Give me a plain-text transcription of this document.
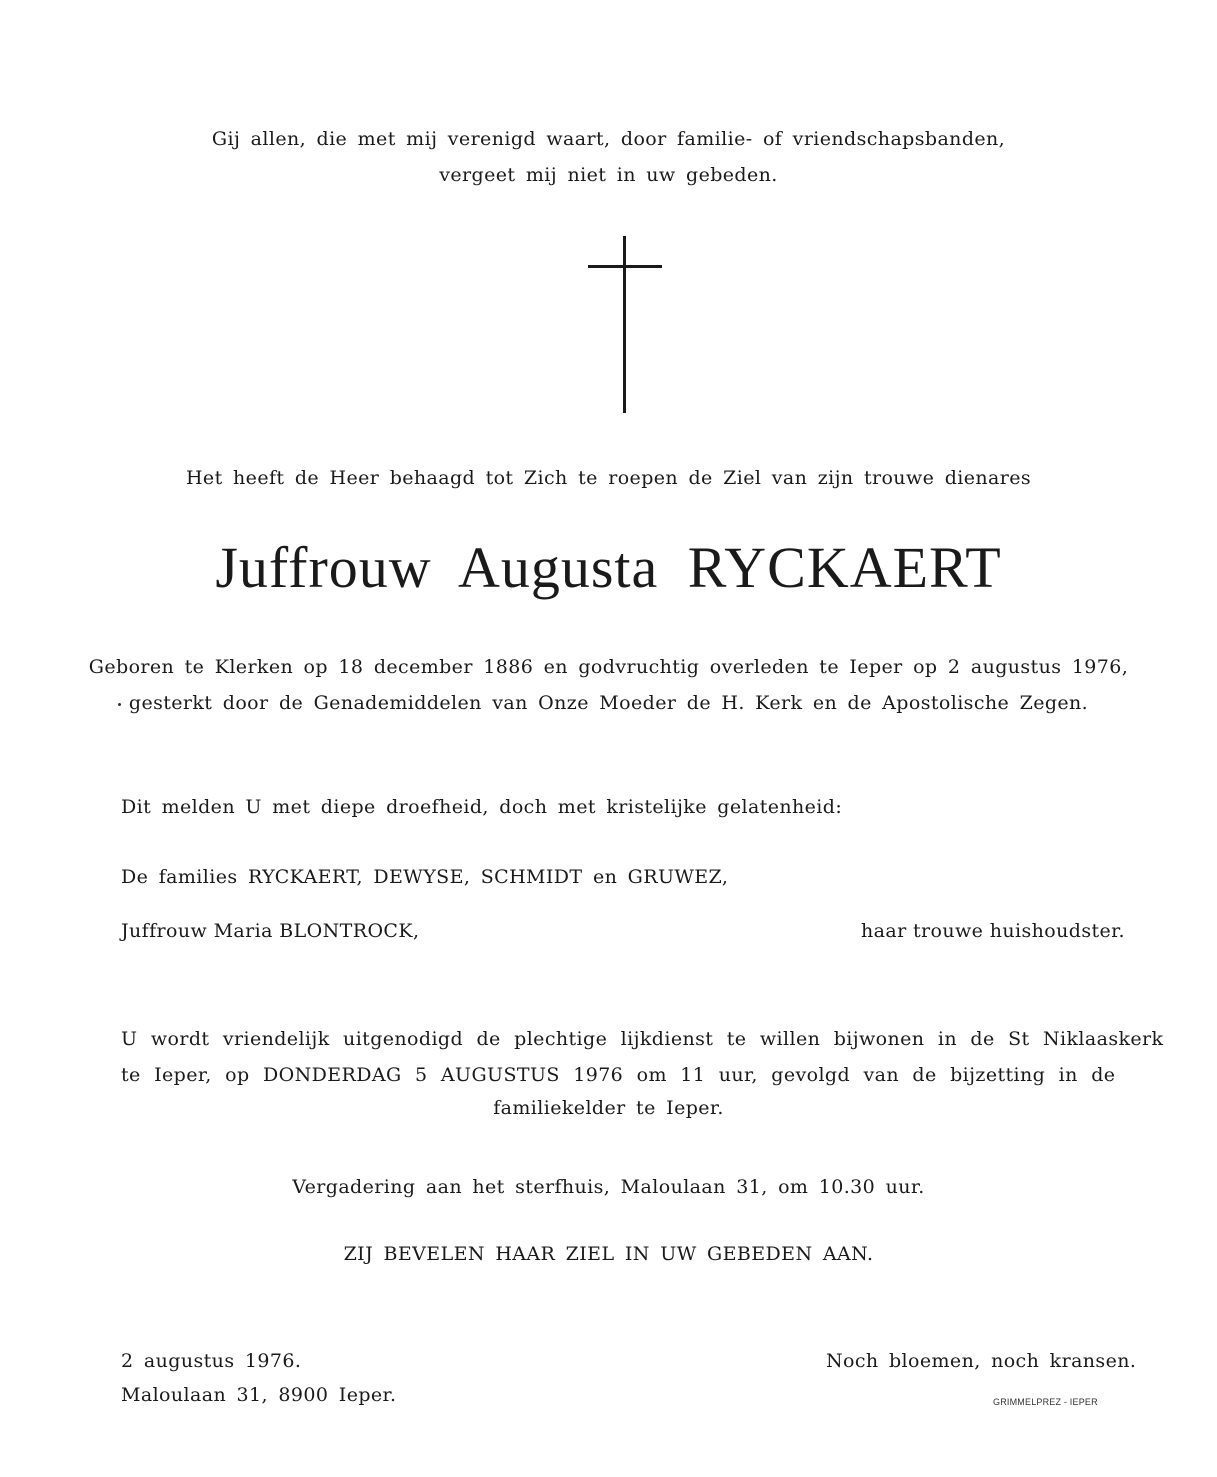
Gij allen, die met mij verenigd waart, door familie- of vriendschapsbanden,
vergeet mij niet in uw gebeden.
Het heeft de Heer behaagd tot Zich te roepen de Ziel van zijn trouwe dienares
Juffrouw Augusta RYCKAERT
Geboren te Klerken op 18 december 1886 en godvruchtig overleden te Ieper op 2 augustus 1976,
gesterkt door de Genademiddelen van Onze Moeder de H. Kerk en de Apostolische Zegen.
Dit melden U met diepe droefheid, doch met kristelijke gelatenheid:
De families RYCKAERT, DEWYSE, SCHMIDT en GRUWEZ,
Juffrouw Maria BLONTROCK,	haar trouwe huishoudster.
U wordt vriendelijk uitgenodigd de plechtige lijkdienst te willen bijwonen in de St Niklaaskerk
te Ieper, op DONDERDAG 5 AUGUSTUS 1976 om 11 uur, gevolgd van de bijzetting in de
familiekelder te Ieper.
Vergadering aan het sterfhuis, Maloulaan 31, om 10.30 uur.
ZIJ BEVELEN HAAR ZIEL IN UW GEBEDEN AAN.
2 augustus 1976.
Maloulaan 31, 8900 Ieper.
Noch bloemen, noch kransen.
GRIMMELPREZ - IEPER
